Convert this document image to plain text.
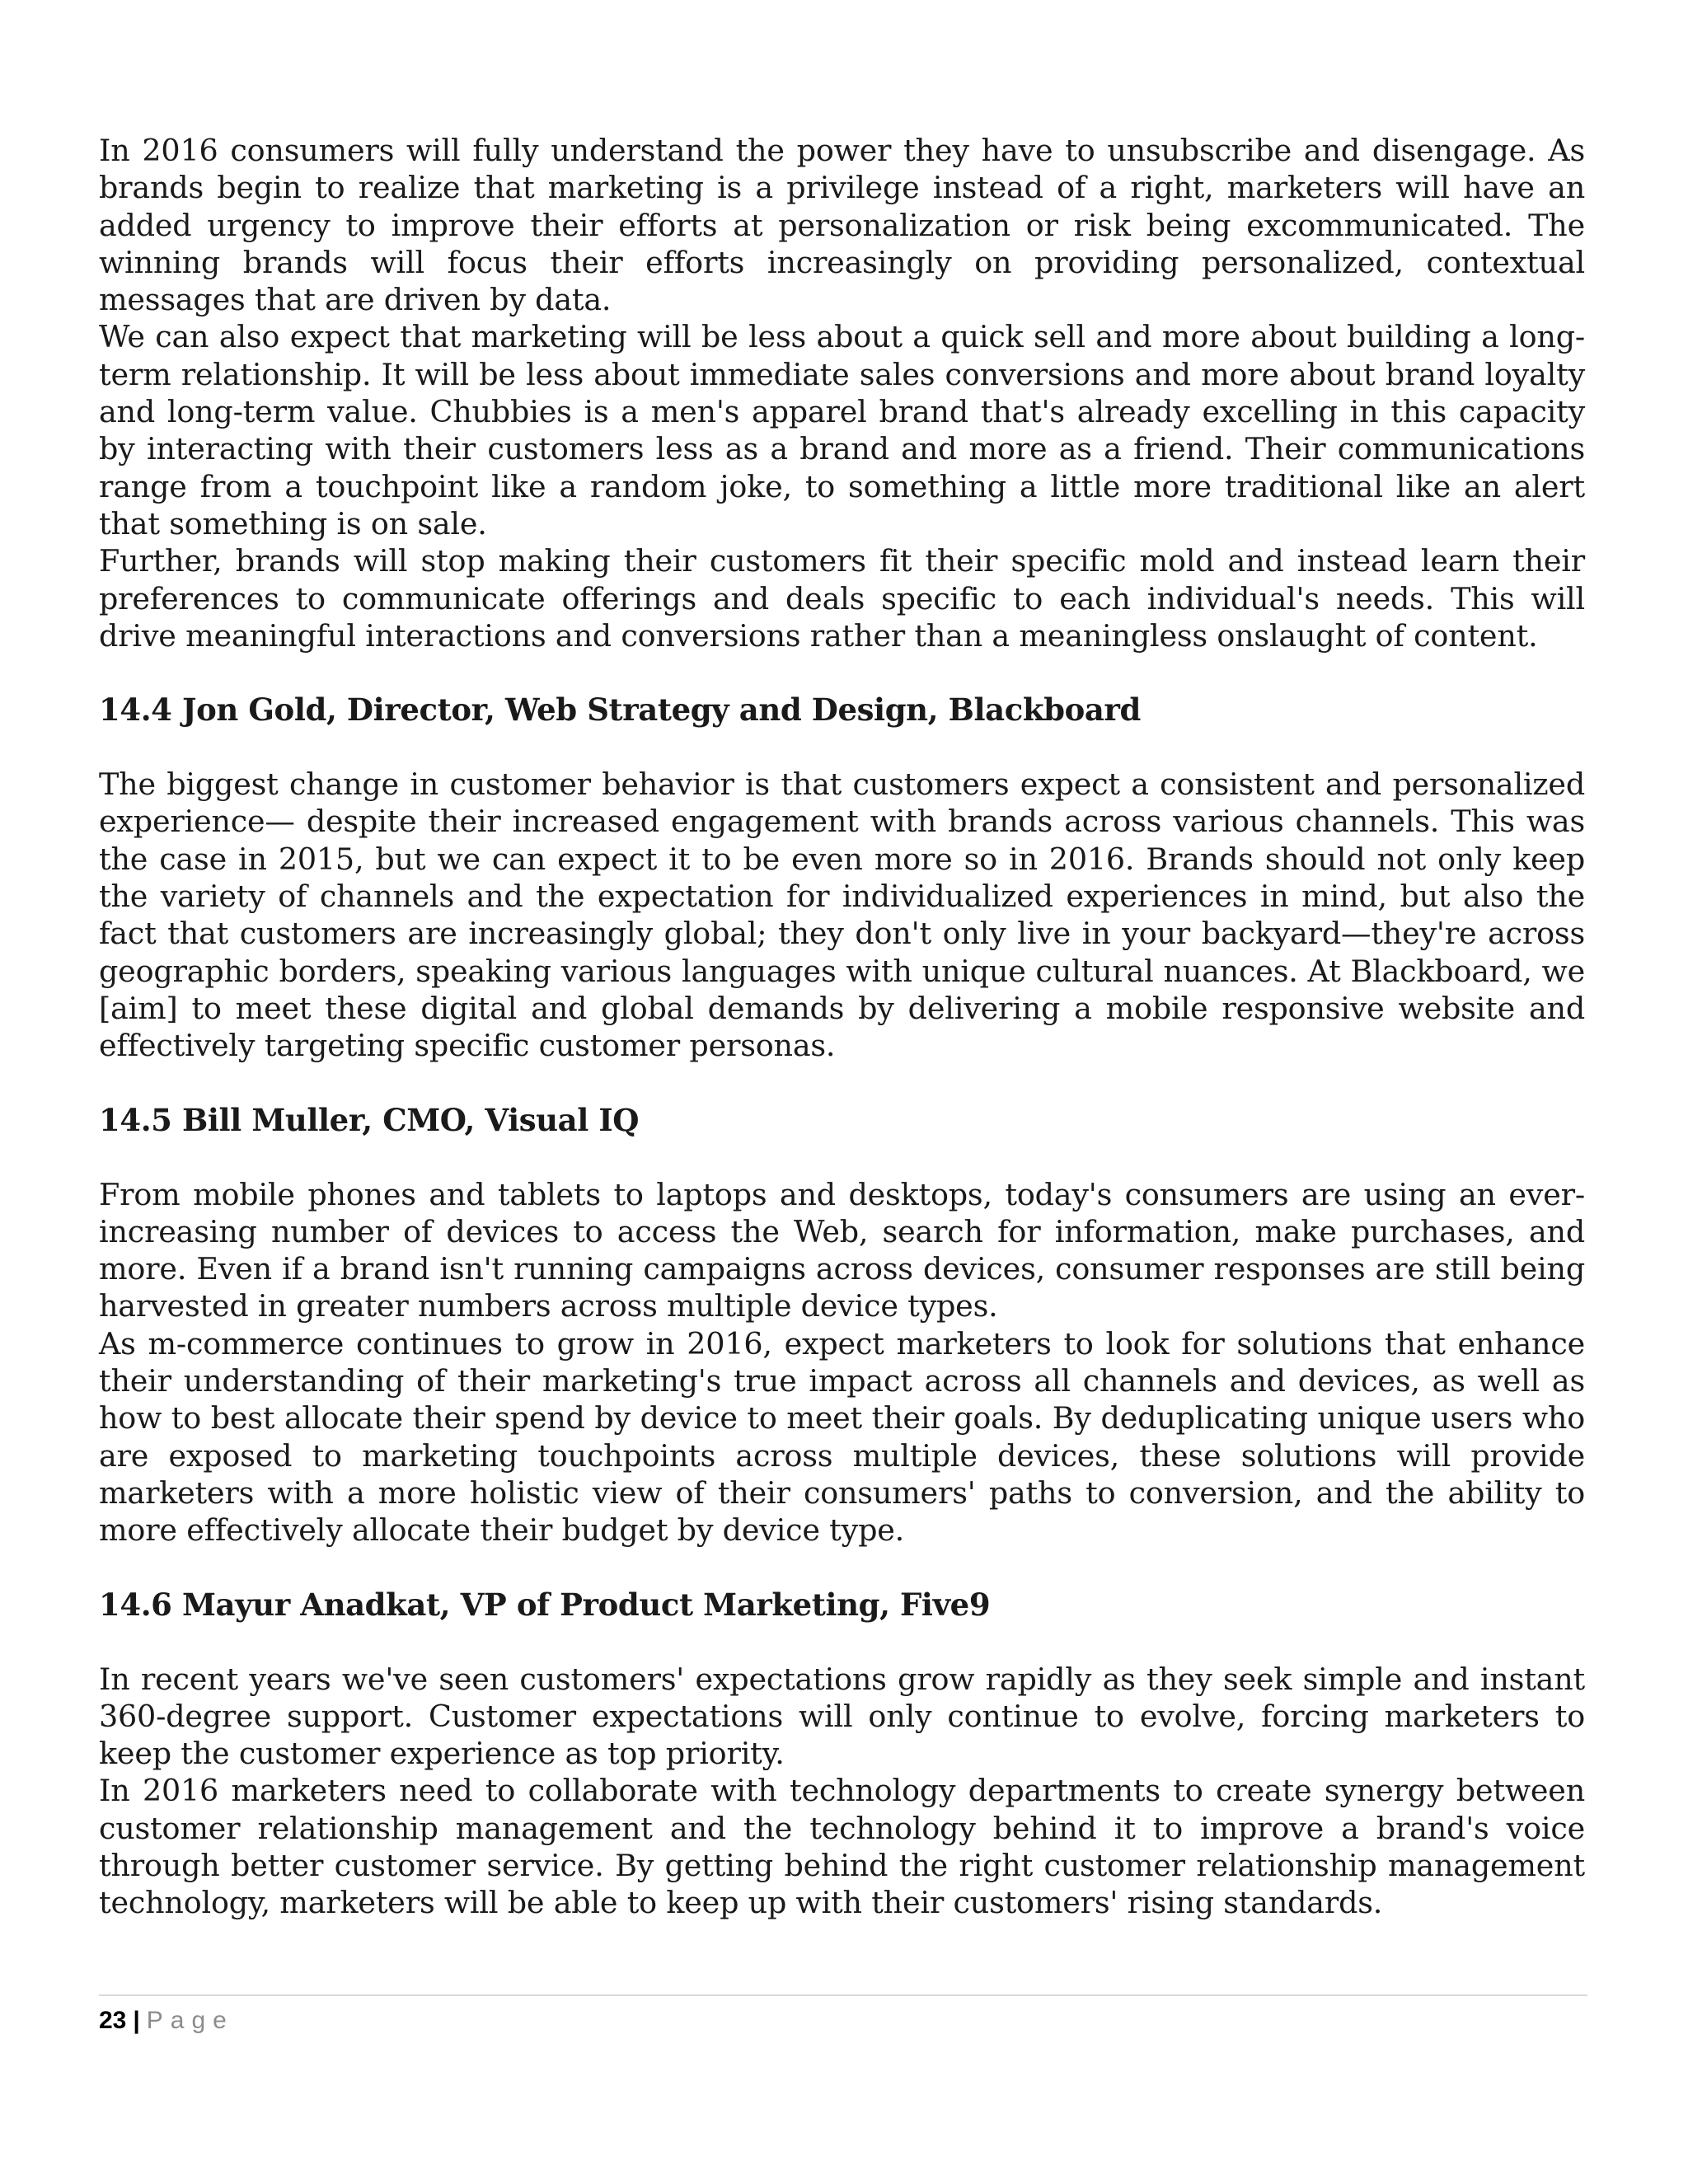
In 2016 consumers will fully understand the power they have to unsubscribe and disengage. As brands begin to realize that marketing is a privilege instead of a right, marketers will have an added urgency to improve their efforts at personalization or risk being excommunicated. The winning brands will focus their efforts increasingly on providing personalized, contextual messages that are driven by data.

We can also expect that marketing will be less about a quick sell and more about building a long-term relationship. It will be less about immediate sales conversions and more about brand loyalty and long-term value. Chubbies is a men's apparel brand that's already excelling in this capacity by interacting with their customers less as a brand and more as a friend. Their communications range from a touchpoint like a random joke, to something a little more traditional like an alert that something is on sale.

Further, brands will stop making their customers fit their specific mold and instead learn their preferences to communicate offerings and deals specific to each individual's needs. This will drive meaningful interactions and conversions rather than a meaningless onslaught of content.

14.4 Jon Gold, Director, Web Strategy and Design, Blackboard

The biggest change in customer behavior is that customers expect a consistent and personalized experience— despite their increased engagement with brands across various channels. This was the case in 2015, but we can expect it to be even more so in 2016. Brands should not only keep the variety of channels and the expectation for individualized experiences in mind, but also the fact that customers are increasingly global; they don't only live in your backyard—they're across geographic borders, speaking various languages with unique cultural nuances. At Blackboard, we [aim] to meet these digital and global demands by delivering a mobile responsive website and effectively targeting specific customer personas.

14.5 Bill Muller, CMO, Visual IQ

From mobile phones and tablets to laptops and desktops, today's consumers are using an ever-increasing number of devices to access the Web, search for information, make purchases, and more. Even if a brand isn't running campaigns across devices, consumer responses are still being harvested in greater numbers across multiple device types.

As m-commerce continues to grow in 2016, expect marketers to look for solutions that enhance their understanding of their marketing's true impact across all channels and devices, as well as how to best allocate their spend by device to meet their goals. By deduplicating unique users who are exposed to marketing touchpoints across multiple devices, these solutions will provide marketers with a more holistic view of their consumers' paths to conversion, and the ability to more effectively allocate their budget by device type.

14.6 Mayur Anadkat, VP of Product Marketing, Five9

In recent years we've seen customers' expectations grow rapidly as they seek simple and instant 360-degree support. Customer expectations will only continue to evolve, forcing marketers to keep the customer experience as top priority.

In 2016 marketers need to collaborate with technology departments to create synergy between customer relationship management and the technology behind it to improve a brand's voice through better customer service. By getting behind the right customer relationship management technology, marketers will be able to keep up with their customers' rising standards.

23 | Page
